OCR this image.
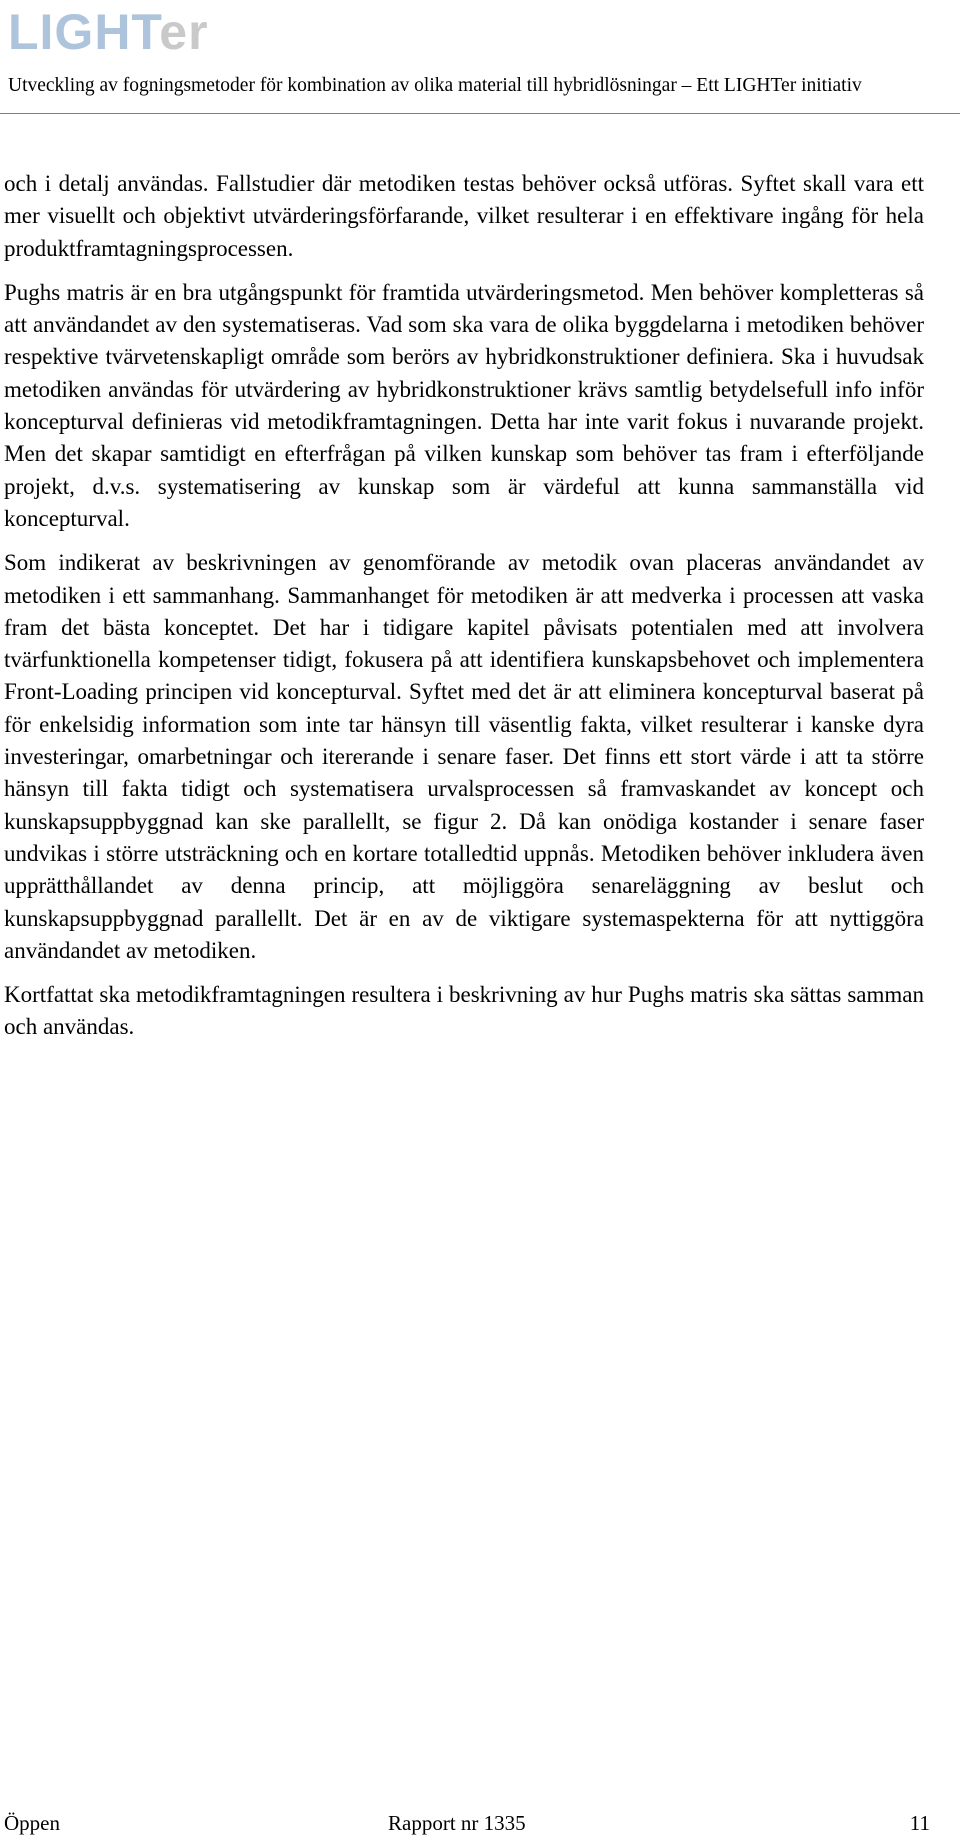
LIGHTer
Utveckling av fogningsmetoder för kombination av olika material till hybridlösningar – Ett LIGHTer initiativ

och i detalj användas. Fallstudier där metodiken testas behöver också utföras. Syftet skall vara ett mer visuellt och objektivt utvärderingsförfarande, vilket resulterar i en effektivare ingång för hela produktframtagningsprocessen.

Pughs matris är en bra utgångspunkt för framtida utvärderingsmetod. Men behöver kompletteras så att användandet av den systematiseras. Vad som ska vara de olika byggdelarna i metodiken behöver respektive tvärvetenskapligt område som berörs av hybridkonstruktioner definiera. Ska i huvudsak metodiken användas för utvärdering av hybridkonstruktioner krävs samtlig betydelsefull info inför koncepturval definieras vid metodikframtagningen. Detta har inte varit fokus i nuvarande projekt. Men det skapar samtidigt en efterfrågan på vilken kunskap som behöver tas fram i efterföljande projekt, d.v.s. systematisering av kunskap som är värdeful att kunna sammanställa vid koncepturval.

Som indikerat av beskrivningen av genomförande av metodik ovan placeras användandet av metodiken i ett sammanhang. Sammanhanget för metodiken är att medverka i processen att vaska fram det bästa konceptet. Det har i tidigare kapitel påvisats potentialen med att involvera tvärfunktionella kompetenser tidigt, fokusera på att identifiera kunskapsbehovet och implementera Front-Loading principen vid koncepturval. Syftet med det är att eliminera koncepturval baserat på för enkelsidig information som inte tar hänsyn till väsentlig fakta, vilket resulterar i kanske dyra investeringar, omarbetningar och itererande i senare faser. Det finns ett stort värde i att ta större hänsyn till fakta tidigt och systematisera urvalsprocessen så framvaskandet av koncept och kunskapsuppbyggnad kan ske parallellt, se figur 2. Då kan onödiga kostander i senare faser undvikas i större utsträckning och en kortare totalledtid uppnås. Metodiken behöver inkludera även upprätthållandet av denna princip, att möjliggöra senareläggning av beslut och kunskapsuppbyggnad parallellt. Det är en av de viktigare systemaspekterna för att nyttiggöra användandet av metodiken.

Kortfattat ska metodikframtagningen resultera i beskrivning av hur Pughs matris ska sättas samman och användas.

Öppen	Rapport nr 1335	11
